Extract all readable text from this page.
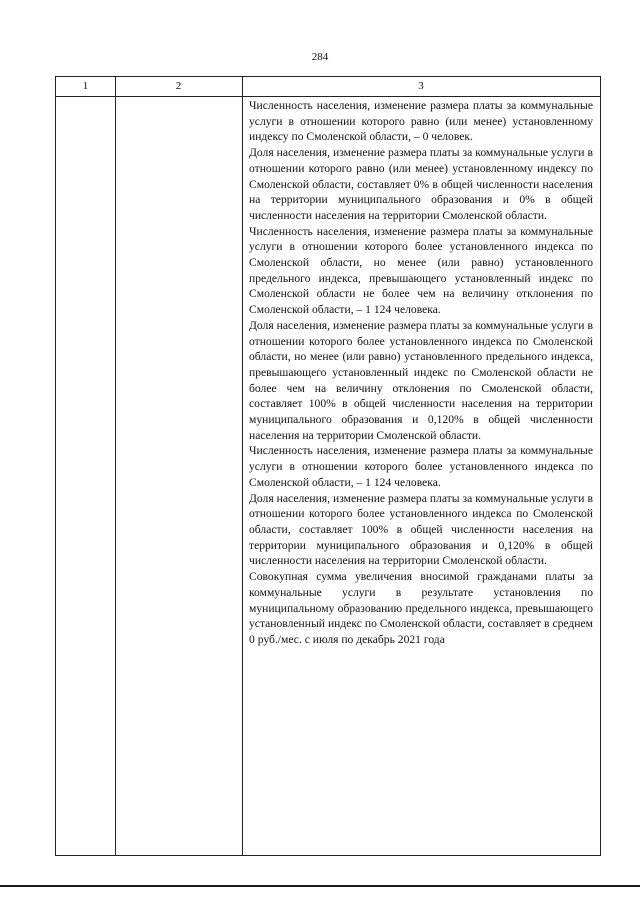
284
1	2	3

Численность населения, изменение размера платы за коммунальные услуги в отношении которого равно (или менее) установленному индексу по Смоленской области, – 0 человек.

Доля населения, изменение размера платы за коммунальные услуги в отношении которого равно (или менее) установленному индексу по Смоленской области, составляет 0% в общей численности населения на территории муниципального образования и 0% в общей численности населения на территории Смоленской области.

Численность населения, изменение размера платы за коммунальные услуги в отношении которого более установленного индекса по Смоленской области, но менее (или равно) установленного предельного индекса, превышающего установленный индекс по Смоленской области не более чем на величину отклонения по Смоленской области, – 1 124 человека.

Доля населения, изменение размера платы за коммунальные услуги в отношении которого более установленного индекса по Смоленской области, но менее (или равно) установленного предельного индекса, превышающего установленный индекс по Смоленской области не более чем на величину отклонения по Смоленской области, составляет 100% в общей численности населения на территории муниципального образования и 0,120% в общей численности населения на территории Смоленской области.

Численность населения, изменение размера платы за коммунальные услуги в отношении которого более установленного индекса по Смоленской области, – 1 124 человека.

Доля населения, изменение размера платы за коммунальные услуги в отношении которого более установленного индекса по Смоленской области, составляет 100% в общей численности населения на территории муниципального образования и 0,120% в общей численности населения на территории Смоленской области.

Совокупная сумма увеличения вносимой гражданами платы за коммунальные услуги в результате установления по муниципальному образованию предельного индекса, превышающего установленный индекс по Смоленской области, составляет в среднем 0 руб./мес. с июля по декабрь 2021 года
